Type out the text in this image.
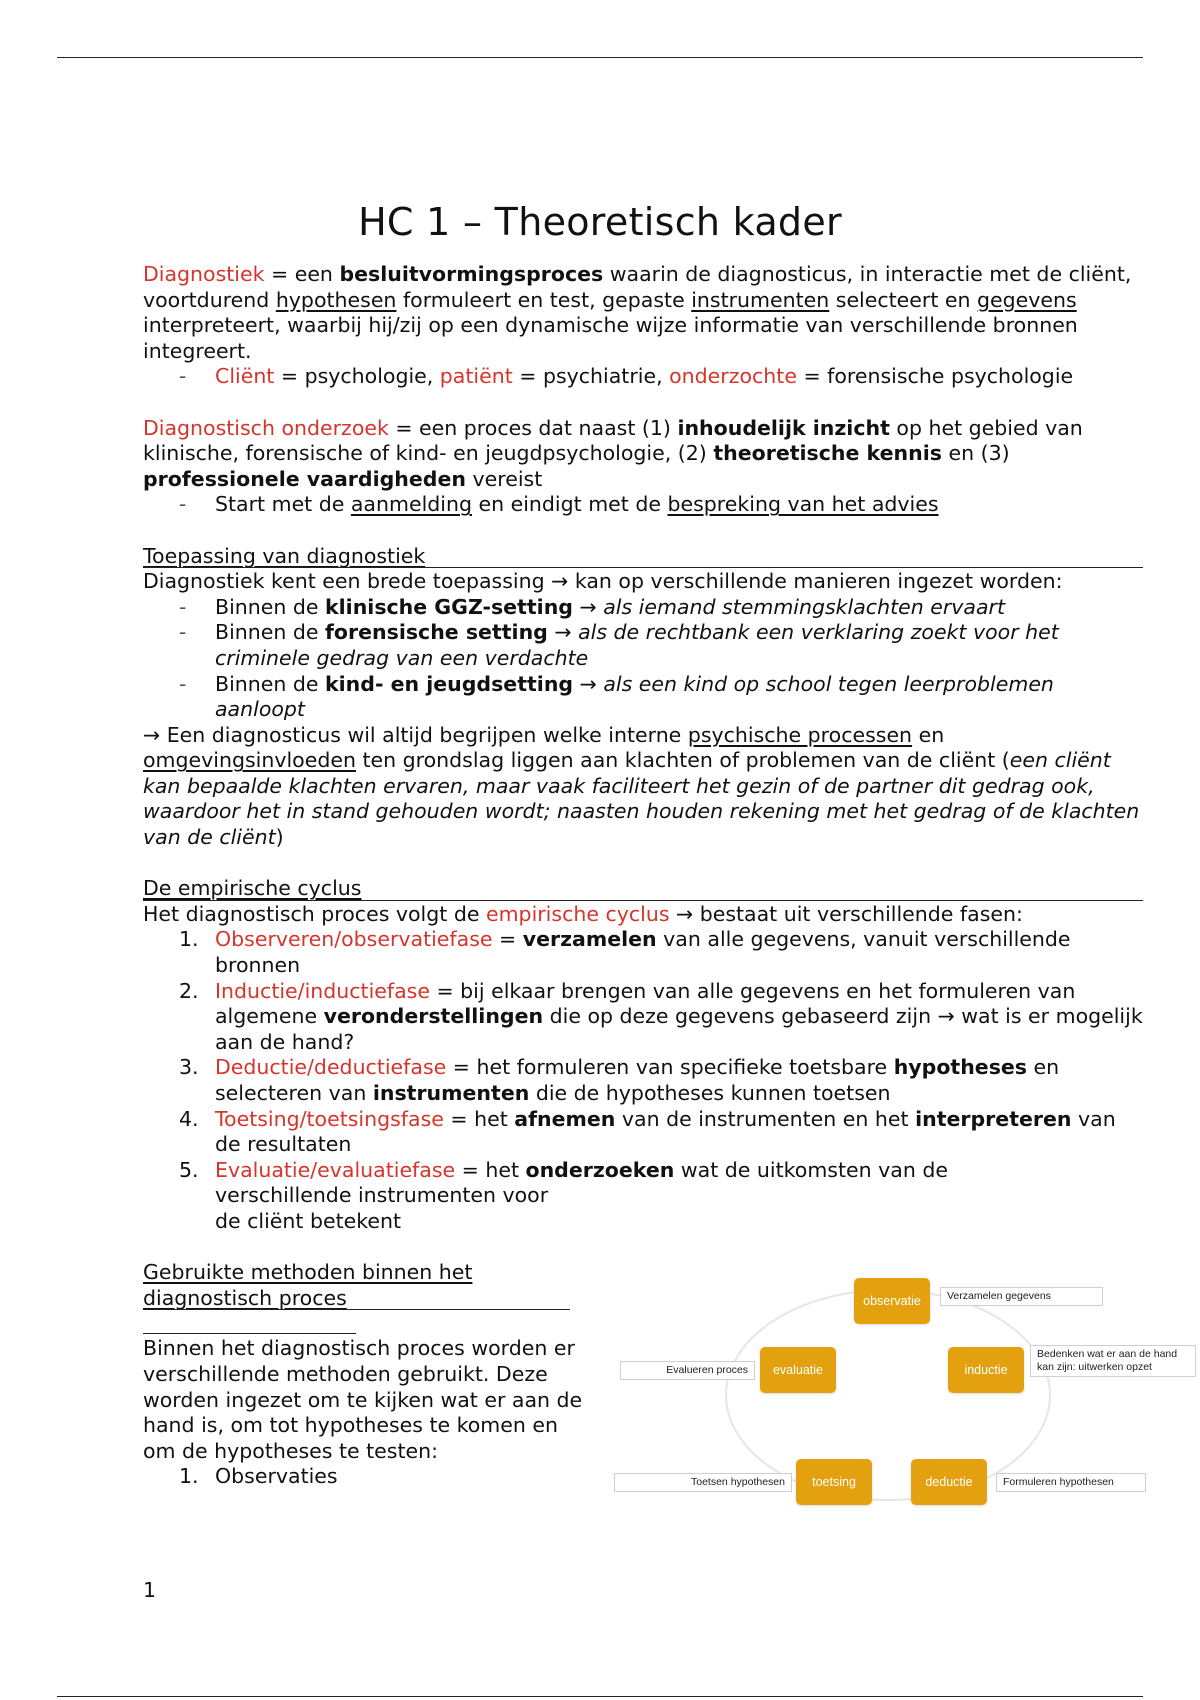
HC 1 – Theoretisch kader

Diagnostiek = een besluitvormingsproces waarin de diagnosticus, in interactie met de cliënt, voortdurend hypothesen formuleert en test, gepaste instrumenten selecteert en gegevens interpreteert, waarbij hij/zij op een dynamische wijze informatie van verschillende bronnen integreert.

- Cliënt = psychologie, patiënt = psychiatrie, onderzochte = forensische psychologie

Diagnostisch onderzoek = een proces dat naast (1) inhoudelijk inzicht op het gebied van klinische, forensische of kind- en jeugdpsychologie, (2) theoretische kennis en (3) professionele vaardigheden vereist

- Start met de aanmelding en eindigt met de bespreking van het advies
Toepassing van diagnostiek

Diagnostiek kent een brede toepassing → kan op verschillende manieren ingezet worden:

- Binnen de klinische GGZ-setting → als iemand stemmingsklachten ervaart
- Binnen de forensische setting → als de rechtbank een verklaring zoekt voor het criminele gedrag van een verdachte
- Binnen de kind- en jeugdsetting → als een kind op school tegen leerproblemen aanloopt

→ Een diagnosticus wil altijd begrijpen welke interne psychische processen en omgevingsinvloeden ten grondslag liggen aan klachten of problemen van de cliënt (een cliënt kan bepaalde klachten ervaren, maar vaak faciliteert het gezin of de partner dit gedrag ook, waardoor het in stand gehouden wordt; naasten houden rekening met het gedrag of de klachten van de cliënt)

De empirische cyclus

Het diagnostisch proces volgt de empirische cyclus → bestaat uit verschillende fasen:

1. Observeren/observatiefase = verzamelen van alle gegevens, vanuit verschillende bronnen
2. Inductie/inductiefase = bij elkaar brengen van alle gegevens en het formuleren van algemene veronderstellingen die op deze gegevens gebaseerd zijn → wat is er mogelijk aan de hand?
3. Deductie/deductiefase = het formuleren van specifieke toetsbare hypotheses en selecteren van instrumenten die de hypotheses kunnen toetsen
4. Toetsing/toetsingsfase = het afnemen van de instrumenten en het interpreteren van de resultaten
5. Evaluatie/evaluatiefase = het onderzoeken wat de uitkomsten van de
verschillende instrumenten voor
de cliënt betekent
Gebruikte methoden binnen het diagnostisch proces

Binnen het diagnostisch proces worden er verschillende methoden gebruikt. Deze worden ingezet om te kijken wat er aan de hand is, om tot hypotheses te komen en om de hypotheses te testen:

1. Observaties
observatie
inductie
deductie
toetsing
evaluatie
Verzamelen gegevens
Bedenken wat er aan de hand kan zijn: uitwerken opzet
Formuleren hypothesen
Toetsen hypothesen
Evalueren proces
1
